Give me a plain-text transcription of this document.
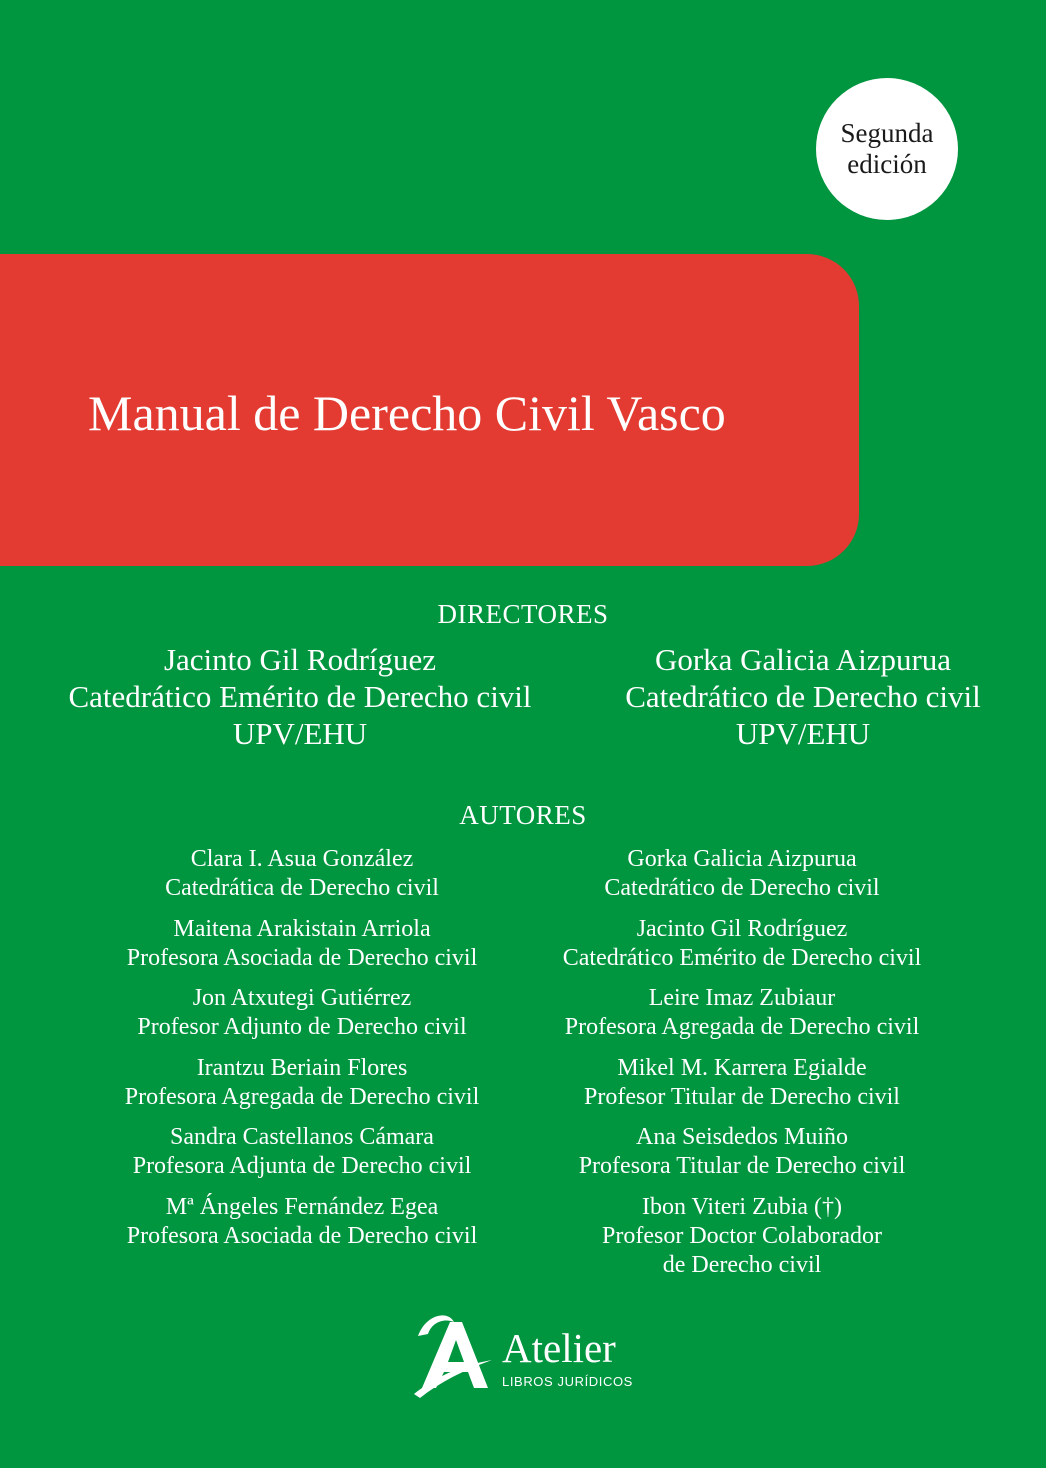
Segunda
edición
Manual de Derecho Civil Vasco
DIRECTORES
Jacinto Gil Rodríguez
Catedrático Emérito de Derecho civil
UPV/EHU
Gorka Galicia Aizpurua
Catedrático de Derecho civil
UPV/EHU
AUTORES
Clara I. Asua González
Catedrática de Derecho civil
Maitena Arakistain Arriola
Profesora Asociada de Derecho civil
Jon Atxutegi Gutiérrez
Profesor Adjunto de Derecho civil
Irantzu Beriain Flores
Profesora Agregada de Derecho civil
Sandra Castellanos Cámara
Profesora Adjunta de Derecho civil
Mª Ángeles Fernández Egea
Profesora Asociada de Derecho civil
Gorka Galicia Aizpurua
Catedrático de Derecho civil
Jacinto Gil Rodríguez
Catedrático Emérito de Derecho civil
Leire Imaz Zubiaur
Profesora Agregada de Derecho civil
Mikel M. Karrera Egialde
Profesor Titular de Derecho civil
Ana Seisdedos Muiño
Profesora Titular de Derecho civil
Ibon Viteri Zubia (†)
Profesor Doctor Colaborador
de Derecho civil
Atelier
LIBROS JURÍDICOS
